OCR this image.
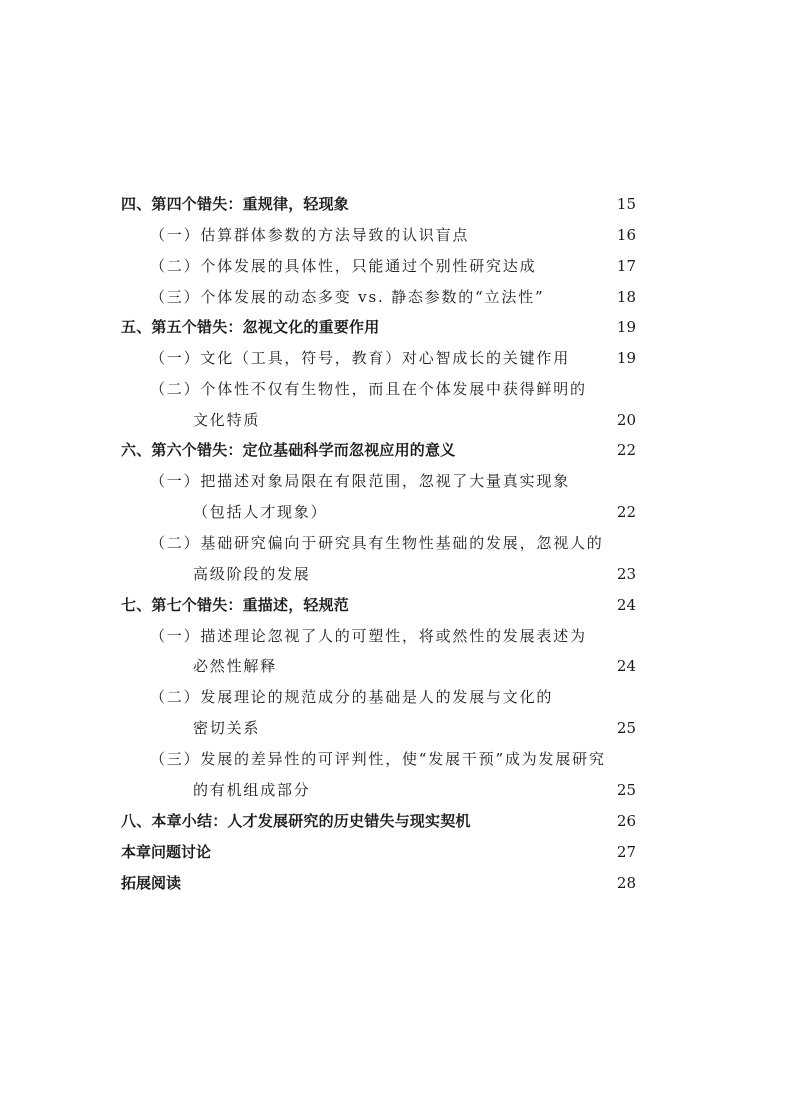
四、第四个错失：重规律，轻现象	15
（一）估算群体参数的方法导致的认识盲点	16
（二）个体发展的具体性，只能通过个别性研究达成	17
（三）个体发展的动态多变 vs. 静态参数的“立法性”	18
五、第五个错失：忽视文化的重要作用	19
（一）文化（工具，符号，教育）对心智成长的关键作用	19
（二）个体性不仅有生物性，而且在个体发展中获得鲜明的
文化特质	20
六、第六个错失：定位基础科学而忽视应用的意义	22
（一）把描述对象局限在有限范围，忽视了大量真实现象
（包括人才现象）	22
（二）基础研究偏向于研究具有生物性基础的发展，忽视人的
高级阶段的发展	23
七、第七个错失：重描述，轻规范	24
（一）描述理论忽视了人的可塑性，将或然性的发展表述为
必然性解释	24
（二）发展理论的规范成分的基础是人的发展与文化的
密切关系	25
（三）发展的差异性的可评判性，使“发展干预”成为发展研究
的有机组成部分	25
八、本章小结：人才发展研究的历史错失与现实契机	26
本章问题讨论	27
拓展阅读	28
